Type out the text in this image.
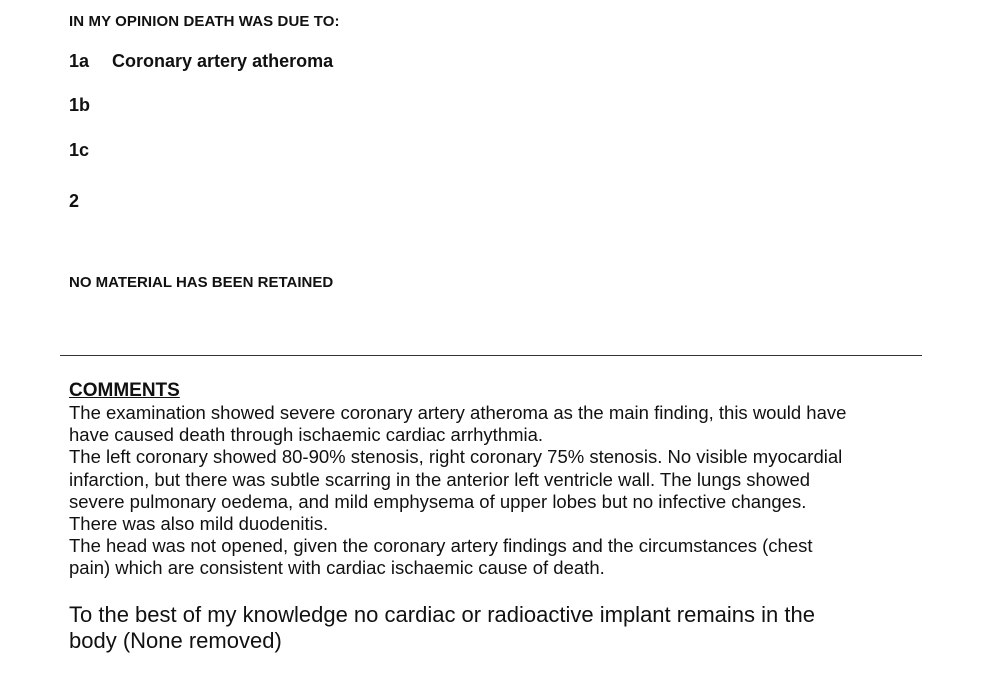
IN MY OPINION DEATH WAS DUE TO:
1a Coronary artery atheroma
1b
1c
2
NO MATERIAL HAS BEEN RETAINED
COMMENTS

The examination showed severe coronary artery atheroma as the main finding, this would have

have caused death through ischaemic cardiac arrhythmia.

The left coronary showed 80-90% stenosis, right coronary 75% stenosis. No visible myocardial

infarction, but there was subtle scarring in the anterior left ventricle wall. The lungs showed

severe pulmonary oedema, and mild emphysema of upper lobes but no infective changes.

There was also mild duodenitis.

The head was not opened, given the coronary artery findings and the circumstances (chest

pain) which are consistent with cardiac ischaemic cause of death.

To the best of my knowledge no cardiac or radioactive implant remains in the

body (None removed)
